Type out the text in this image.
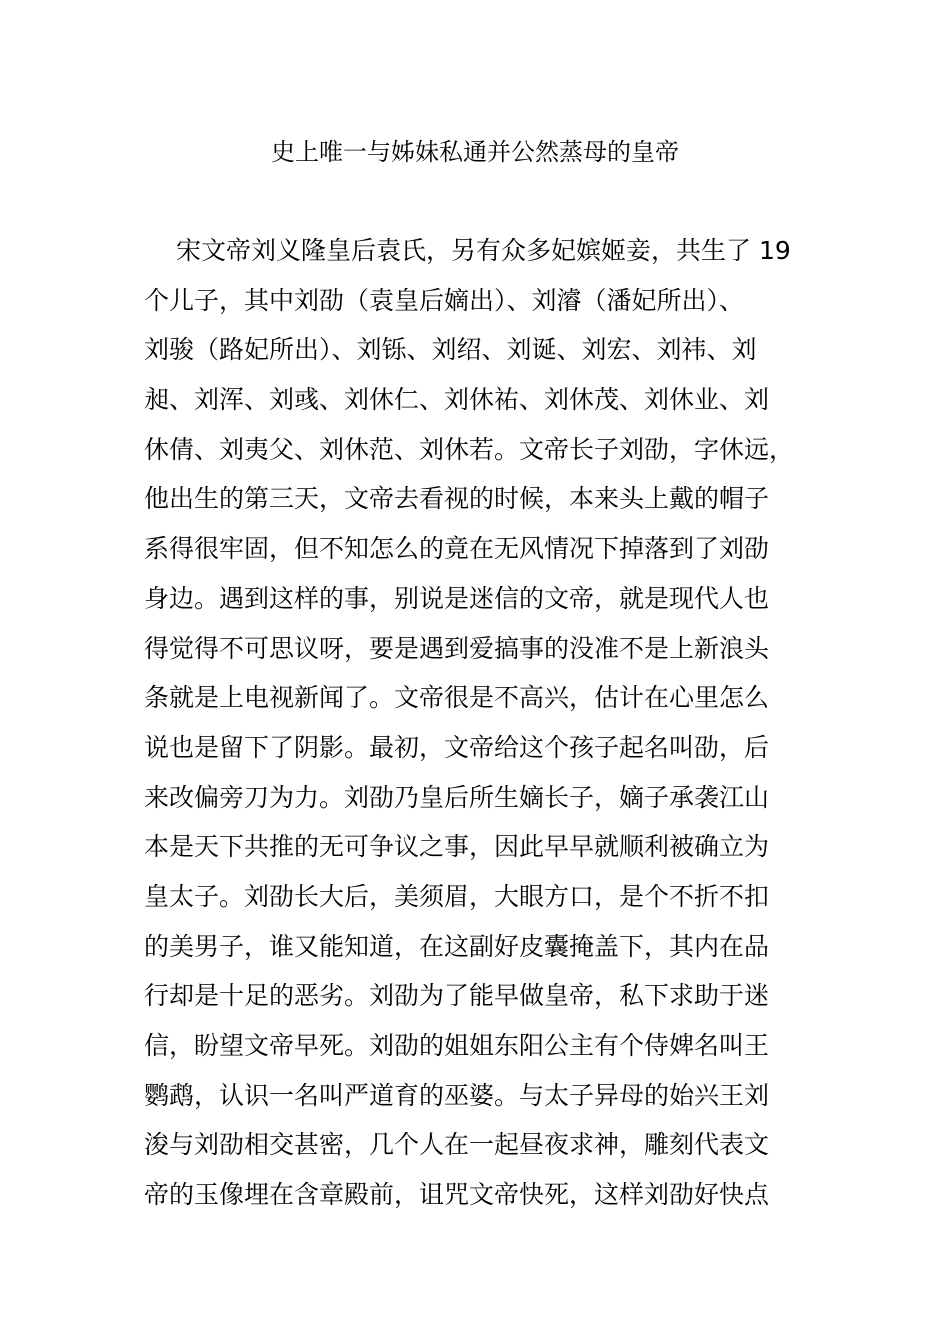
史上唯一与姊妹私通并公然蒸母的皇帝
宋文帝刘义隆皇后袁氏，另有众多妃嫔姬妾，共生了 19
个儿子，其中刘劭（袁皇后嫡出）、刘濬（潘妃所出）、
刘骏（路妃所出）、刘铄、刘绍、刘诞、刘宏、刘祎、刘
昶、刘浑、刘彧、刘休仁、刘休祐、刘休茂、刘休业、刘
休倩、刘夷父、刘休范、刘休若。文帝长子刘劭，字休远，
他出生的第三天，文帝去看视的时候，本来头上戴的帽子
系得很牢固，但不知怎么的竟在无风情况下掉落到了刘劭
身边。遇到这样的事，别说是迷信的文帝，就是现代人也
得觉得不可思议呀，要是遇到爱搞事的没准不是上新浪头
条就是上电视新闻了。文帝很是不高兴，估计在心里怎么
说也是留下了阴影。最初，文帝给这个孩子起名叫劭，后
来改偏旁刀为力。刘劭乃皇后所生嫡长子，嫡子承袭江山
本是天下共推的无可争议之事，因此早早就顺利被确立为
皇太子。刘劭长大后，美须眉，大眼方口，是个不折不扣
的美男子，谁又能知道，在这副好皮囊掩盖下，其内在品
行却是十足的恶劣。刘劭为了能早做皇帝，私下求助于迷
信，盼望文帝早死。刘劭的姐姐东阳公主有个侍婢名叫王
鹦鹉，认识一名叫严道育的巫婆。与太子异母的始兴王刘
浚与刘劭相交甚密，几个人在一起昼夜求神，雕刻代表文
帝的玉像埋在含章殿前，诅咒文帝快死，这样刘劭好快点
